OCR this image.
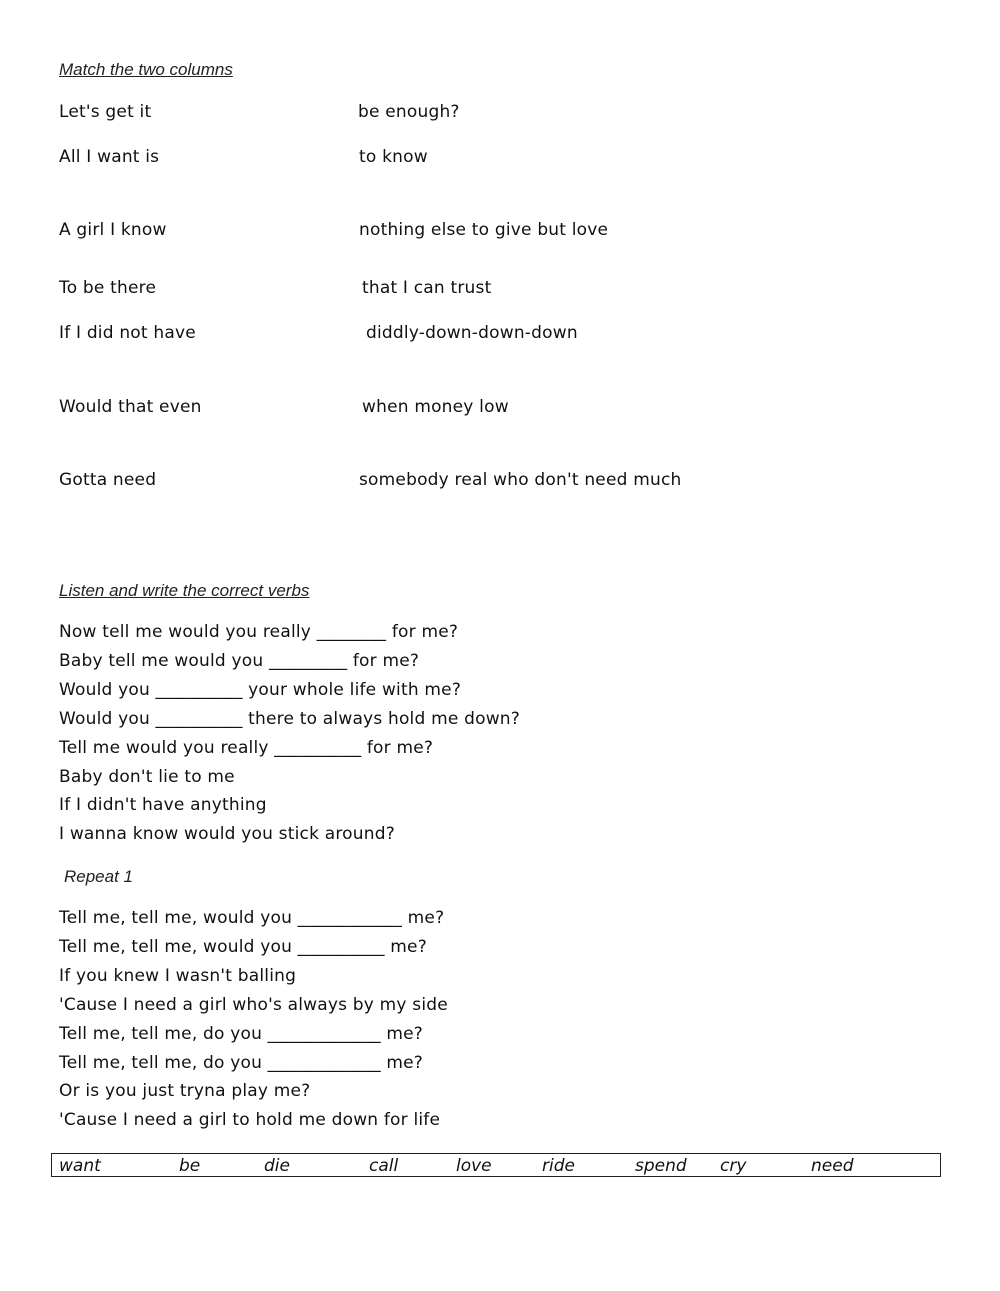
Match the two columns
Let's get it	be enough?
All I want is	to know
A girl I know	nothing else to give but love
To be there	that I can trust
If I did not have	diddly-down-down-down
Would that even	when money low
Gotta need	somebody real who don't need much
Listen and write the correct verbs
Now tell me would you really ________ for me?
Baby tell me would you _________ for me?
Would you __________ your whole life with me?
Would you __________ there to always hold me down?
Tell me would you really __________ for me?
Baby don't lie to me
If I didn't have anything
I wanna know would you stick around?
Repeat 1
Tell me, tell me, would you ____________ me?
Tell me, tell me, would you __________ me?
If you knew I wasn't balling
'Cause I need a girl who's always by my side
Tell me, tell me, do you _____________ me?
Tell me, tell me, do you _____________ me?
Or is you just tryna play me?
'Cause I need a girl to hold me down for life
want	be	die	call	love	ride	spend cry	need
